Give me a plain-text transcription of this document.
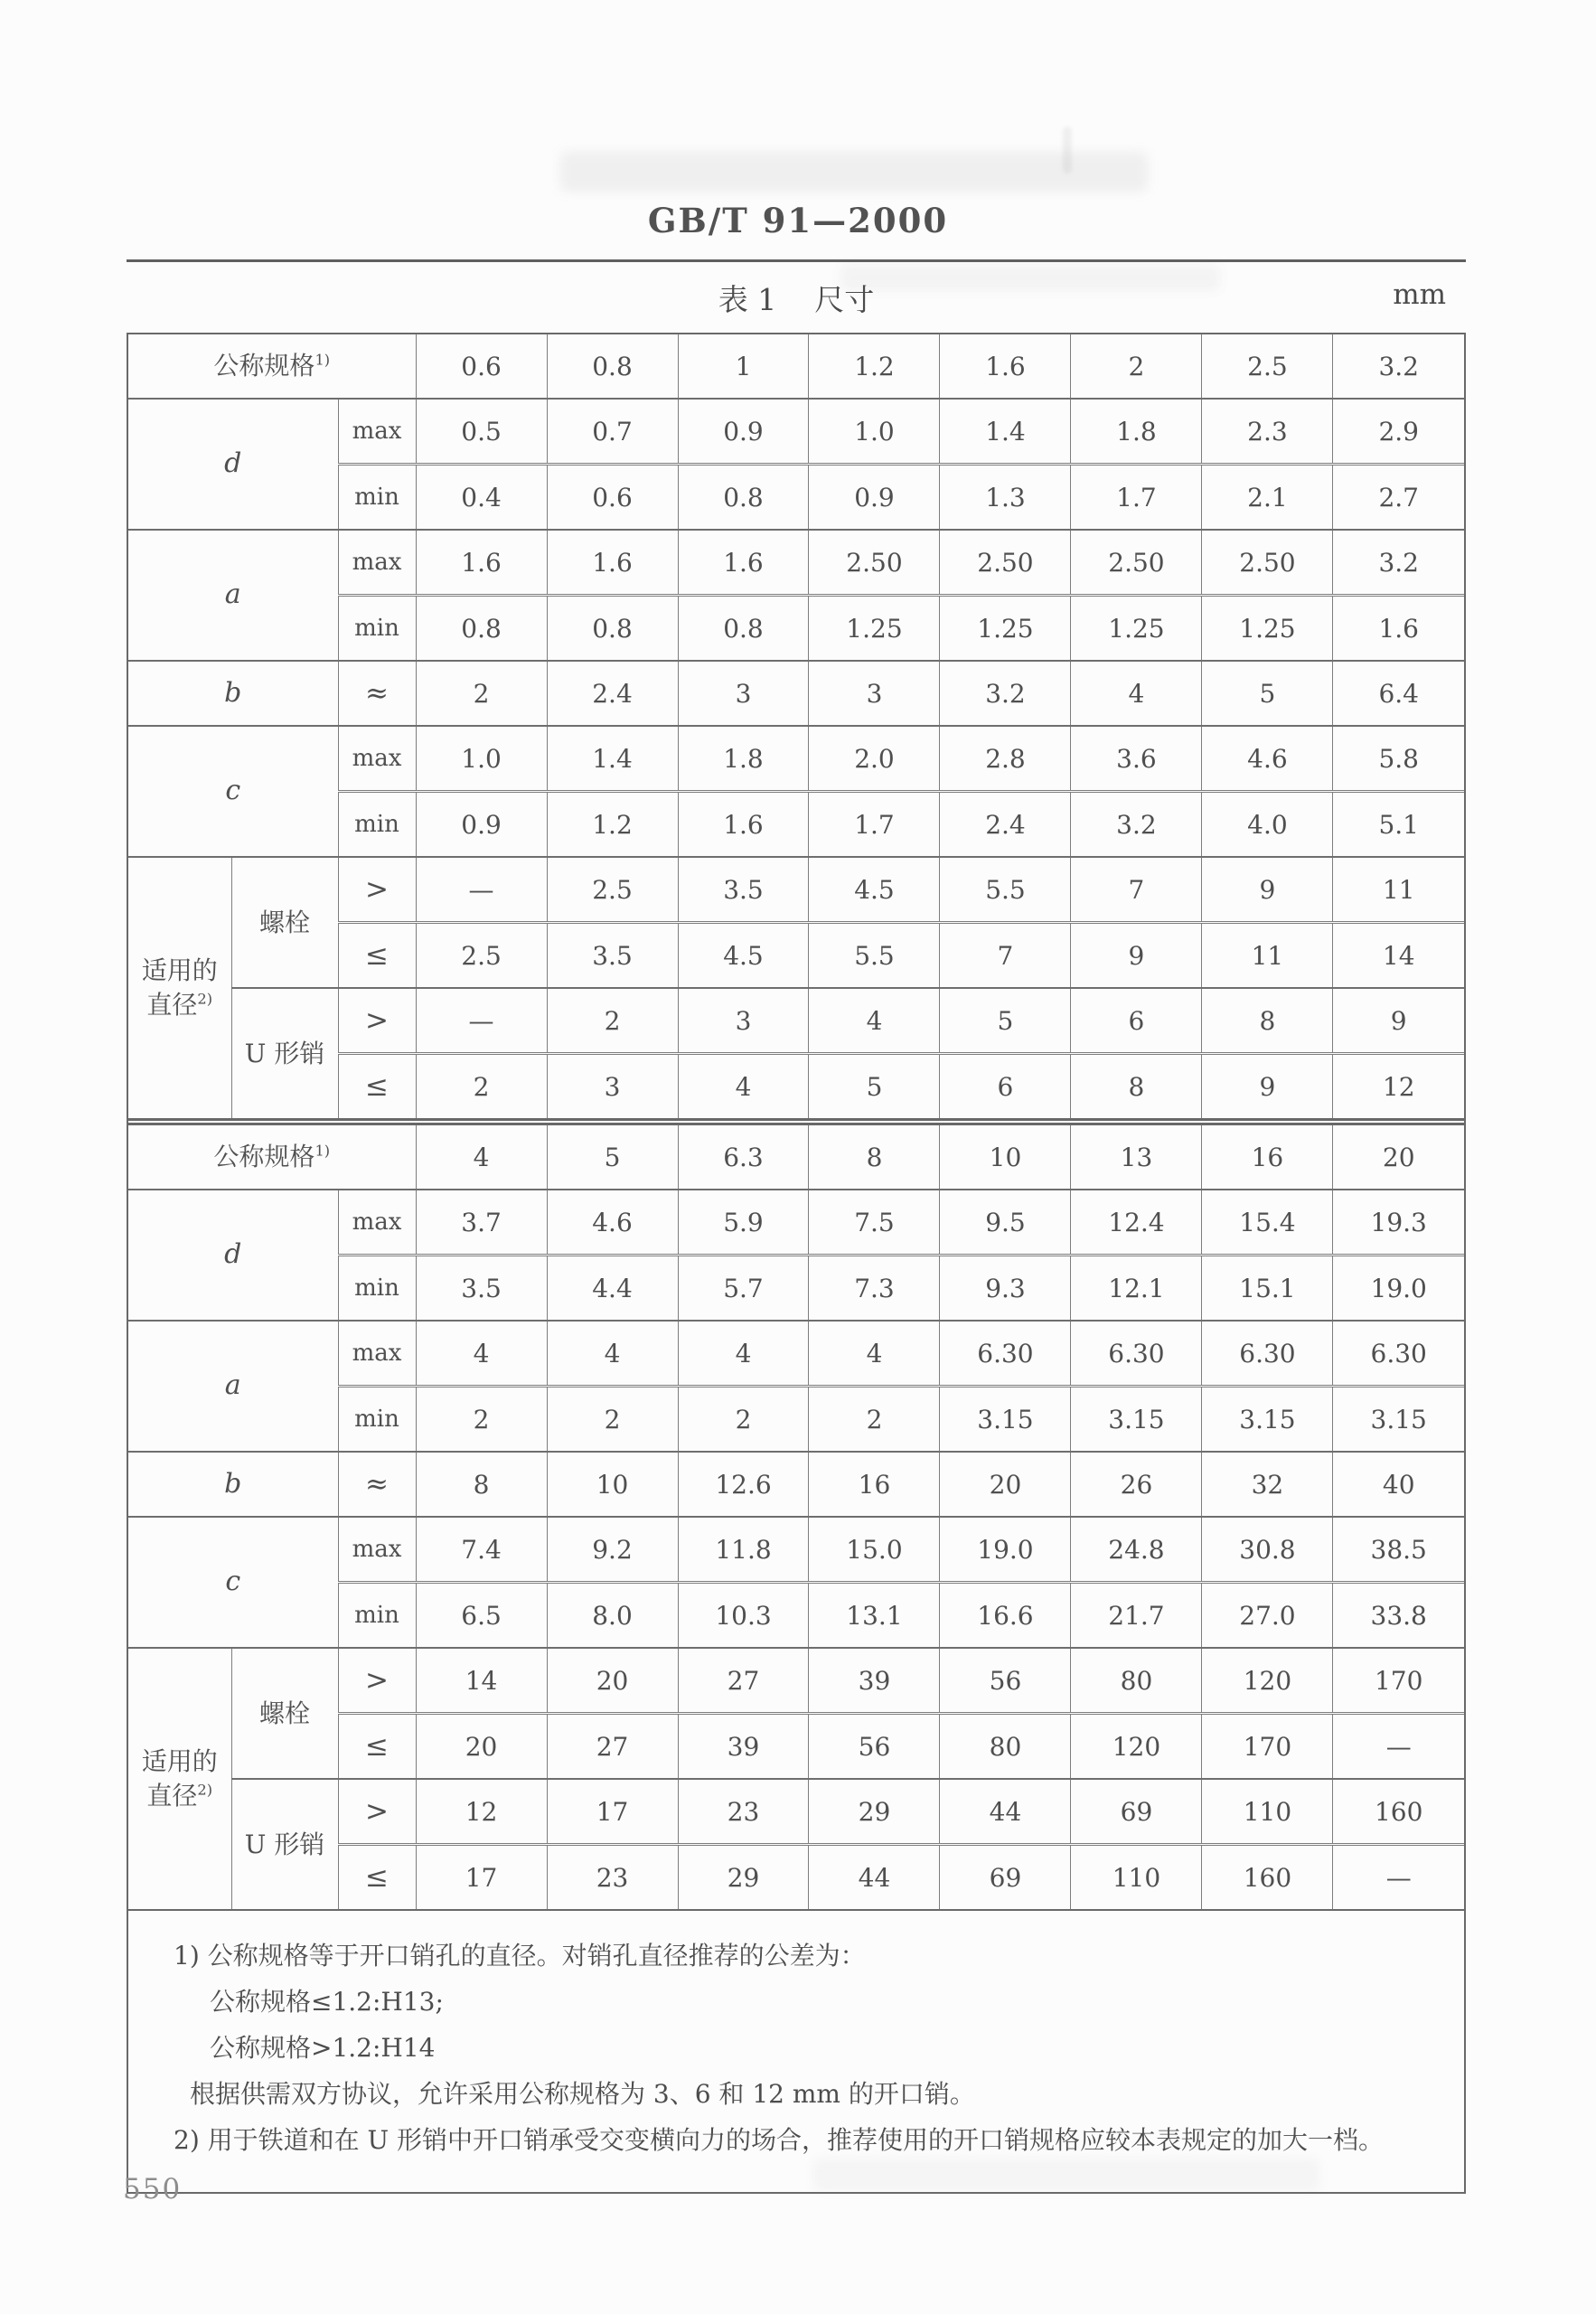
GB/T 91—2000
表 1    尺寸	mm
公称规格$^{1)}$			0.6	0.8	1	1.2	1.6	2	2.5	3.2
d		max	0.5	0.7	0.9	1.0	1.4	1.8	2.3	2.9
		min	0.4	0.6	0.8	0.9	1.3	1.7	2.1	2.7
a		max	1.6	1.6	1.6	2.50	2.50	2.50	2.50	3.2
		min	0.8	0.8	0.8	1.25	1.25	1.25	1.25	1.6
b		≈	2	2.4	3	3	3.2	4	5	6.4
c		max	1.0	1.4	1.8	2.0	2.8	3.6	4.6	5.8
		min	0.9	1.2	1.6	1.7	2.4	3.2	4.0	5.1
适用的
直径$^{2)}$	螺栓	>	—	2.5	3.5	4.5	5.5	7	9	11
		≤	2.5	3.5	4.5	5.5	7	9	11	14
	U 形销	>	—	2	3	4	5	6	8	9
		≤	2	3	4	5	6	8	9	12
公称规格$^{1)}$			4	5	6.3	8	10	13	16	20
d		max	3.7	4.6	5.9	7.5	9.5	12.4	15.4	19.3
		min	3.5	4.4	5.7	7.3	9.3	12.1	15.1	19.0
a		max	4	4	4	4	6.30	6.30	6.30	6.30
		min	2	2	2	2	3.15	3.15	3.15	3.15
b		≈	8	10	12.6	16	20	26	32	40
c		max	7.4	9.2	11.8	15.0	19.0	24.8	30.8	38.5
		min	6.5	8.0	10.3	13.1	16.6	21.7	27.0	33.8
适用的
直径$^{2)}$	螺栓	>	14	20	27	39	56	80	120	170
		≤	20	27	39	56	80	120	170	—
	U 形销	>	12	17	23	29	44	69	110	160
		≤	17	23	29	44	69	110	160	—
1) 公称规格等于开口销孔的直径。对销孔直径推荐的公差为：
公称规格≤1.2:H13;
公称规格>1.2:H14
根据供需双方协议，允许采用公称规格为 3、6 和 12 mm 的开口销。
2) 用于铁道和在 U 形销中开口销承受交变横向力的场合，推荐使用的开口销规格应较本表规定的加大一档。
550
